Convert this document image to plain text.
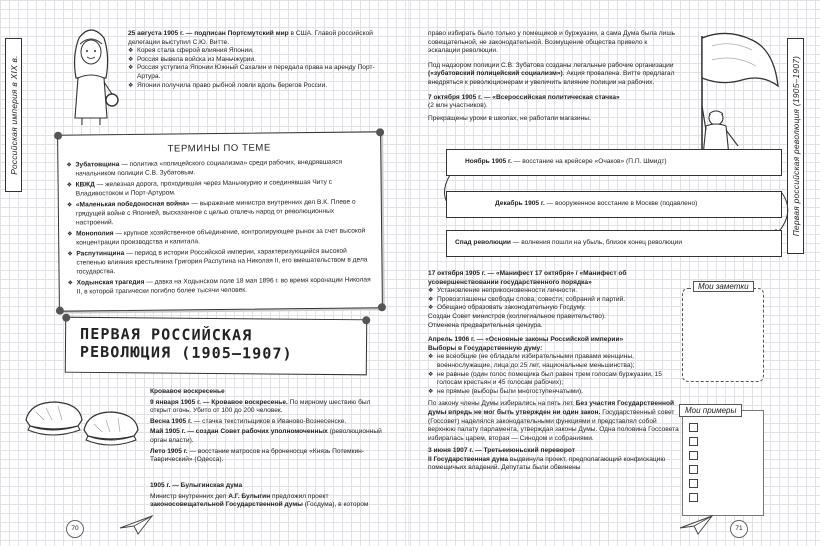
Российская империя в XIX в.

25 августа 1905 г. — подписан Портсмутский мир в США. Главой российской делегации выступил С.Ю. Витте.

❖ Корея стала сферой влияния Японии.
❖ Россия вывела войска из Маньчжурии.
❖ Россия уступила Японии Южный Сахалин и передала права на аренду Порт-Артура.
❖ Японии получила право рыбной ловли вдоль берегов России.
ТЕРМИНЫ ПО ТЕМЕ
❖ Зубатовщина — политика «полицейского социализма» среди рабочих, внедрявшаяся начальником полиции С.В. Зубатовым.
❖ КВЖД — железная дорога, проходившая через Маньчжурию и соединявшая Читу с Владивостоком и Порт-Артуром.
❖ «Маленькая победоносная война» — выражение министра внутренних дел В.К. Плеве о грядущей войне с Японией, высказанное с целью отвлечь народ от революционных настроений.
❖ Монополия — крупное хозяйственное объединение, контролирующее рынок за счет высокой концентрации производства и капитала.
❖ Распутинщина — период в истории Российской империи, характеризующийся высокой степенью влияния крестьянина Григория Распутина на Николая II, его вмешательством в дела государства.
❖ Ходынская трагедия — давка на Ходынском поле 18 мая 1896 г. во время коронации Николая II, в которой трагически погибло более тысячи человек.
ПЕРВАЯ РОССИЙСКАЯ
РЕВОЛЮЦИЯ (1905–1907)

Кровавое воскресенье

9 января 1905 г. — Кровавое воскресенье. По мирному шествию был открыт огонь. Убито от 100 до 200 человек.

Весна 1905 г. — стачка текстильщиков в Иваново-Вознесенске.

Май 1905 г. — создан Совет рабочих уполномоченных (революционный орган власти).

Лето 1905 г. — восстание матросов на броненосце «Князь Потемкин-Таврический» (Одесса).

1905 г. — Булыгинская дума

Министр внутренних дел А.Г. Булыгин предложил проект законосовещательной Государственной думы (Госдума), в котором

70
Первая российская революция (1905–1907)

право избирать было только у помещиков и буржуазии, а сама Дума была лишь совещательной, не законодательной. Возмущение общества привело к эскалации революции.

Под надзором полиции С.В. Зубатова созданы легальные рабочие организации («зубатовский полицейский социализм»). Акция провалена. Витте предлагал внедряться к революционерам и увеличить влияние полиции на рабочих.

7 октября 1905 г. — «Всероссийская политическая стачка»

(2 млн участников).

Прекращены уроки в школах, не работали магазины.

Ноябрь 1905 г. — восстание на крейсере «Очаков» (П.П. Шмидт)

Декабрь 1905 г. — вооруженное восстание в Москве (подавлено)

Спад революции — волнения пошли на убыль, близок конец революции

17 октября 1905 г. — «Манифест 17 октября» / «Манифест об усовершенствовании государственного порядка»

❖ Установление неприкосновенности личности.
❖ Провозглашены свободы слова, совести, собраний и партий.
❖ Обещано образовать законодательную Госдуму.

Создан Совет министров (коллегиальное правительство).

Отменена предварительная цензура.

Апрель 1906 г. — «Основные законы Российской империи»

Выборы в Государственную думу:

❖ не всеобщие (не обладали избирательными правами женщины, военнослужащие, лица до 25 лет, национальные меньшинства);
❖ не равные (один голос помещика был равен трем голосам буржуазии, 15 голосам крестьян и 45 голосам рабочих);
❖ не прямые (выборы были многоступенчатыми).

По закону члены Думы избирались на пять лет. Без участия Государственной думы впредь не мог быть утвержден ни один закон. Государственный совет (Госсовет) наделялся законодательными функциями и представлял собой верхнюю палату парламента, утверждая законы Думы. Одна половина Госсовета избиралась царем, вторая — Синодом и собраниями.

3 июня 1907 г. — Третьеиюньский переворот

II Государственная дума выдвинула проект, предполагающий конфискацию помещичьих владений. Депутаты были обвинены

Мои заметки
Мои примеры
71
